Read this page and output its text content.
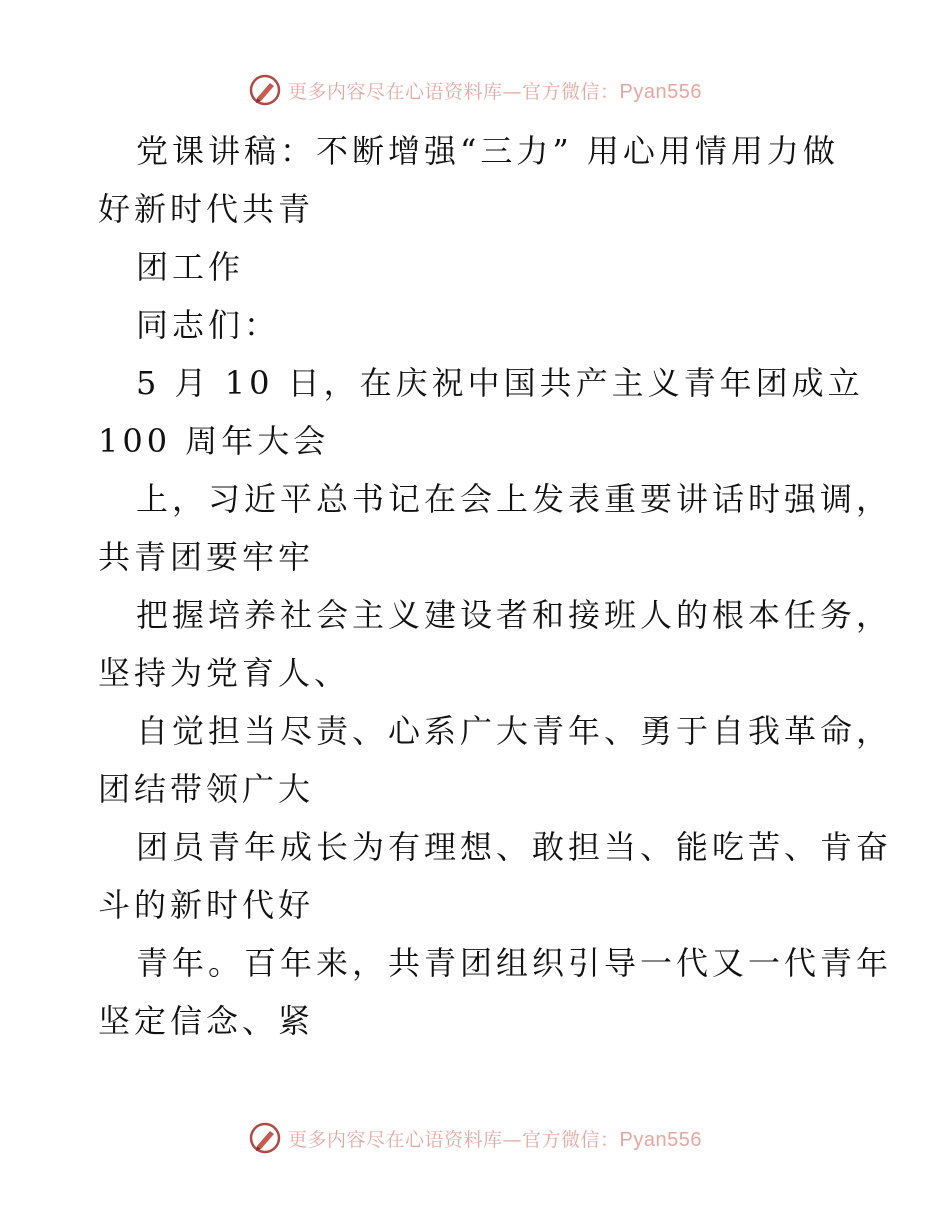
更多内容尽在心语资料库—官方微信：Pyan556

党课讲稿：不断增强“三力” 用心用情用力做

好新时代共青

团工作

同志们：

5 月 10 日，在庆祝中国共产主义青年团成立

100 周年大会

上，习近平总书记在会上发表重要讲话时强调，

共青团要牢牢

把握培养社会主义建设者和接班人的根本任务，

坚持为党育人、

自觉担当尽责、心系广大青年、勇于自我革命，

团结带领广大

团员青年成长为有理想、敢担当、能吃苦、肯奋

斗的新时代好

青年。百年来，共青团组织引导一代又一代青年

坚定信念、紧

更多内容尽在心语资料库—官方微信：Pyan556
